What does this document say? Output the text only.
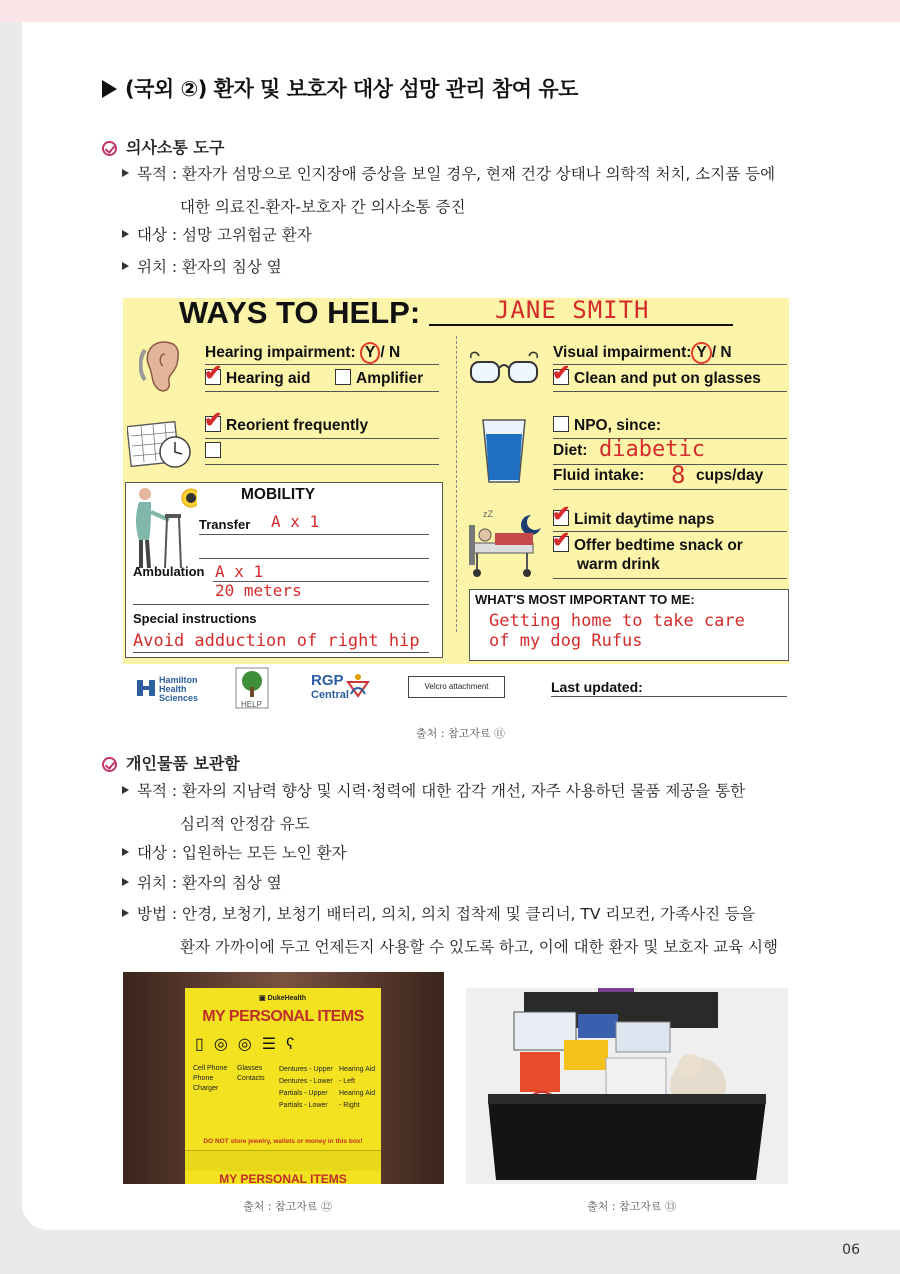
(국외 ②) 환자 및 보호자 대상 섬망 관리 참여 유도
의사소통 도구
목적 : 환자가 섬망으로 인지장애 증상을 보일 경우, 현재 건강 상태나 의학적 처치, 소지품 등에
대한 의료진-환자-보호자 간 의사소통 증진
대상 : 섬망 고위험군 환자
위치 : 환자의 침상 옆
WAYS TO HELP:	JANE SMITH
Hearing impairment: Y / N
✔Hearing aid	Amplifier
✔Reorient frequently
zZ
Visual impairment: Y / N
✔Clean and put on glasses
NPO, since:
Diet: diabetic
Fluid intake: 8 cups/day
✔Limit daytime naps
✔Offer bedtime snack or
warm drink
MOBILITY
Transfer A x 1
Ambulation A x 1
20 meters
Special instructions
Avoid adduction of right hip
WHAT'S MOST IMPORTANT TO ME:
Getting home to take care
of my dog Rufus
Hamilton
Health
Sciences
HELP
RGP
Central
Velcro attachment	Last updated:
출처 : 참고자료 ⑪
개인물품 보관함
목적 : 환자의 지남력 향상 및 시력·청력에 대한 감각 개선, 자주 사용하던 물품 제공을 통한
심리적 안정감 유도
대상 : 입원하는 모든 노인 환자
위치 : 환자의 침상 옆
방법 : 안경, 보청기, 보청기 배터리, 의치, 의치 접착제 및 클리너, TV 리모컨, 가족사진 등을
환자 가까이에 두고 언제든지 사용할 수 있도록 하고, 이에 대한 환자 및 보호자 교육 시행
▣ DukeHealth
MY PERSONAL ITEMS
▯◎◎☰ʕ
Cell Phone
Phone Charger
Glasses
Contacts
Dentures - Upper
Dentures - Lower
Partials - Upper
Partials - Lower
Hearing Aid - Left
Hearing Aid - Right
DO NOT store jewelry, wallets or money in this box!
MY PERSONAL ITEMS
출처 : 참고자료 ⑫	출처 : 참고자료 ⑬
06
